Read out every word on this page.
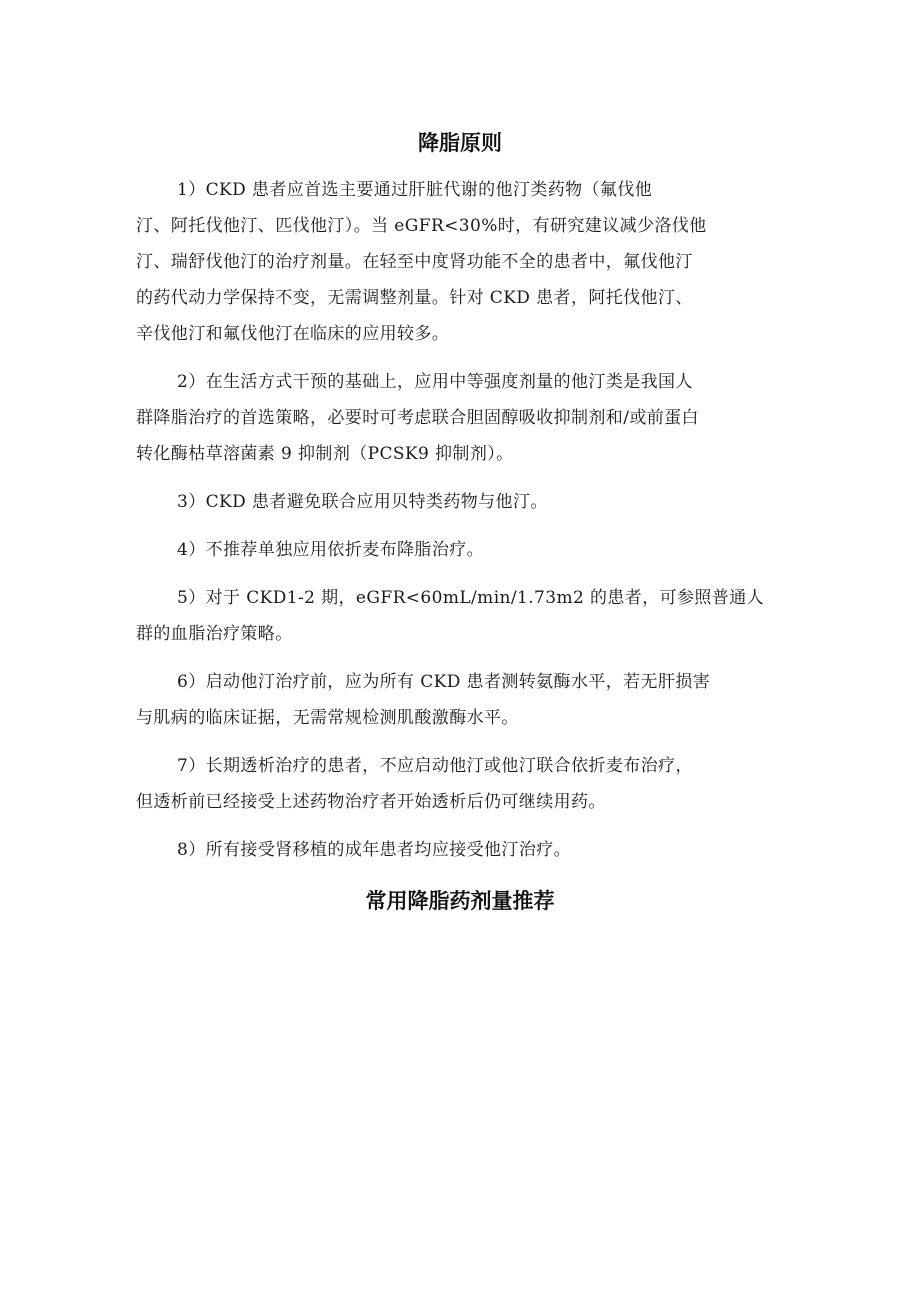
降脂原则

1）CKD 患者应首选主要通过肝脏代谢的他汀类药物（氟伐他
汀、阿托伐他汀、匹伐他汀）。当 eGFR<30%时，有研究建议减少洛伐他
汀、瑞舒伐他汀的治疗剂量。在轻至中度肾功能不全的患者中，氟伐他汀
的药代动力学保持不变，无需调整剂量。针对 CKD 患者，阿托伐他汀、
辛伐他汀和氟伐他汀在临床的应用较多。

2）在生活方式干预的基础上，应用中等强度剂量的他汀类是我国人
群降脂治疗的首选策略，必要时可考虑联合胆固醇吸收抑制剂和/或前蛋白
转化酶枯草溶菌素 9 抑制剂（PCSK9 抑制剂）。

3）CKD 患者避免联合应用贝特类药物与他汀。

4）不推荐单独应用依折麦布降脂治疗。

5）对于 CKD1-2 期，eGFR<60mL/min/1.73m2 的患者，可参照普通人
群的血脂治疗策略。

6）启动他汀治疗前，应为所有 CKD 患者测转氨酶水平，若无肝损害
与肌病的临床证据，无需常规检测肌酸激酶水平。

7）长期透析治疗的患者，不应启动他汀或他汀联合依折麦布治疗，
但透析前已经接受上述药物治疗者开始透析后仍可继续用药。

8）所有接受肾移植的成年患者均应接受他汀治疗。

常用降脂药剂量推荐
